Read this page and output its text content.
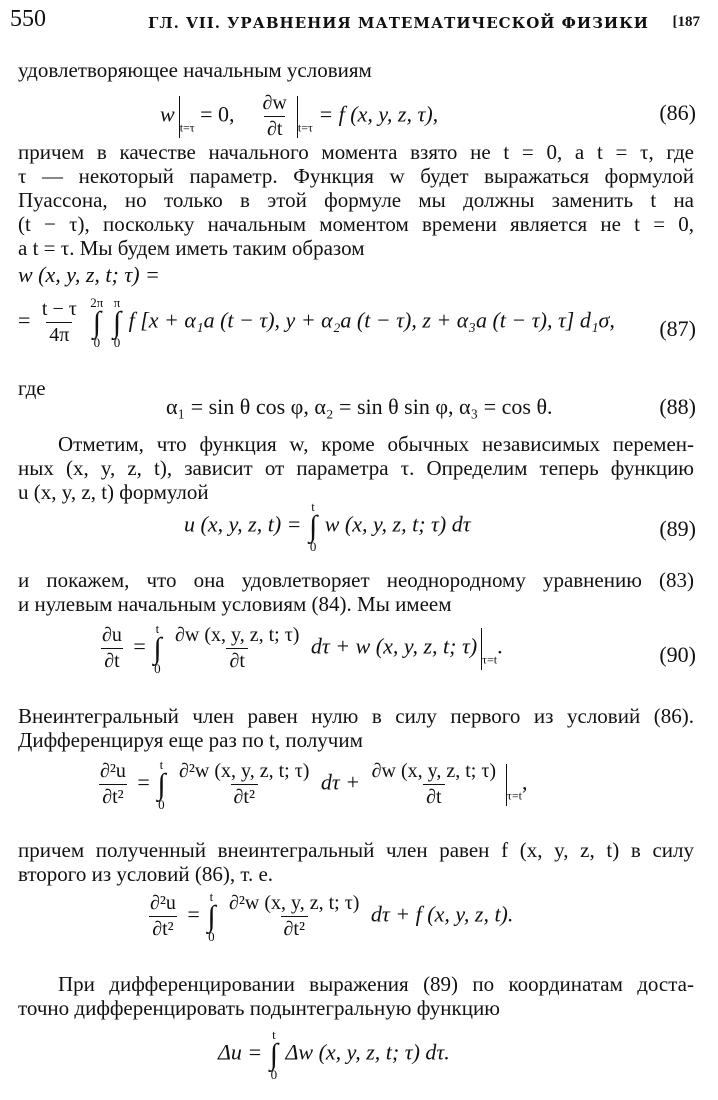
550	ГЛ. VII. УРАВНЕНИЯ МАТЕМАТИЧЕСКОЙ ФИЗИКИ [187
удовлетворяющее начальным условиям
$w_{t=\tau} = 0$, $\frac{\partial w}{\partial t} _{t=\tau} = f$ (x, y, z, τ),	(86)
причем в качестве начального момента взято не t = 0, а t = τ, где
τ — некоторый параметр. Функция w будет выражаться формулой
Пуассона, но только в этой формуле мы должны заменить t на
(t − τ), поскольку начальным моментом времени является не t = 0,
а t = τ. Мы будем иметь таким образом
w (x, y, z, t; τ) =
= $\frac{t - \tau}{4\pi}$
2π
∫
0

π
∫
0
f [x + α₁a (t − τ), y + α₂a (t − τ), z + α₃a (t − τ), τ] d₁σ,	(87)
где
α₁ = sin θ cos φ, α₂ = sin θ sin φ, α₃ = cos θ.	(88)
Отметим, что функция w, кроме обычных независимых перемен-
ных (x, y, z, t), зависит от параметра τ. Определим теперь функцию
u (x, y, z, t) формулой
u (x, y, z, t) =
t
∫
0
w (x, y, z, t; τ) dτ	(89)
и покажем, что она удовлетворяет неоднородному уравнению (83)
и нулевым начальным условиям (84). Мы имеем
$\frac{\partial u}{\partial t}$ =
t
∫
0
$\frac{\partial w (x, y, z, t; \tau)}{\partial t}$ dτ + w (x, y, z, t; $\tau)_{\tau=t}$.	(90)
Внеинтегральный член равен нулю в силу первого из условий (86).
Дифференцируя еще раз по t, получим
$\frac{\text{∂²u}}{\text{∂t²}}$ =
t
∫
0
$\frac{\text{∂²w (x, y, z, t; τ)}}{\text{∂t²}}$ $d\tau + \frac{\partial w (x, y, z, t; \tau)}{\partial t} _{\tau=t}$,
причем полученный внеинтегральный член равен f (x, y, z, t) в силу
второго из условий (86), т. е.
$\frac{\text{∂²u}}{\text{∂t²}}$ =
t
∫
0
$\frac{\text{∂²w (x, y, z, t; τ)}}{\text{∂t²}}$ dτ + f (x, y, z, t).
При дифференцировании выражения (89) по координатам доста-
точно дифференцировать подынтегральную функцию
Δu =
t
∫
0
Δw (x, y, z, t; τ) dτ.
